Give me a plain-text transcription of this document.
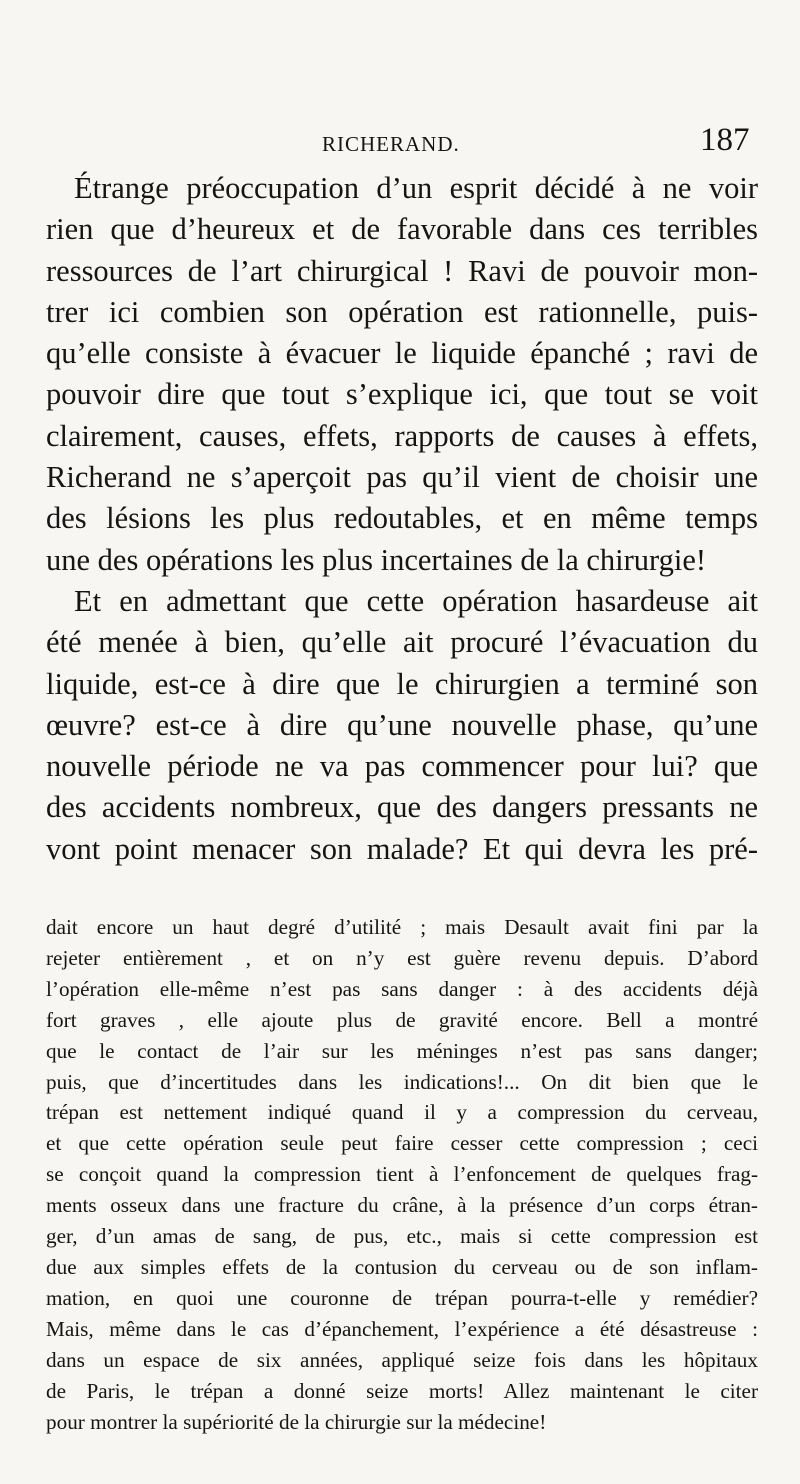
RICHERAND.	187
Étrange préoccupation d’un esprit décidé à ne voir
rien que d’heureux et de favorable dans ces terribles
ressources de l’art chirurgical ! Ravi de pouvoir mon-
trer ici combien son opération est rationnelle, puis-
qu’elle consiste à évacuer le liquide épanché ; ravi de
pouvoir dire que tout s’explique ici, que tout se voit
clairement, causes, effets, rapports de causes à effets,
Richerand ne s’aperçoit pas qu’il vient de choisir une
des lésions les plus redoutables, et en même temps
une des opérations les plus incertaines de la chirurgie!
Et en admettant que cette opération hasardeuse ait
été menée à bien, qu’elle ait procuré l’évacuation du
liquide, est-ce à dire que le chirurgien a terminé son
œuvre? est-ce à dire qu’une nouvelle phase, qu’une
nouvelle période ne va pas commencer pour lui? que
des accidents nombreux, que des dangers pressants ne
vont point menacer son malade? Et qui devra les pré-
dait encore un haut degré d’utilité ; mais Desault avait fini par la
rejeter entièrement , et on n’y est guère revenu depuis. D’abord
l’opération elle-même n’est pas sans danger : à des accidents déjà
fort graves , elle ajoute plus de gravité encore. Bell a montré
que le contact de l’air sur les méninges n’est pas sans danger;
puis, que d’incertitudes dans les indications!... On dit bien que le
trépan est nettement indiqué quand il y a compression du cerveau,
et que cette opération seule peut faire cesser cette compression ; ceci
se conçoit quand la compression tient à l’enfoncement de quelques frag-
ments osseux dans une fracture du crâne, à la présence d’un corps étran-
ger, d’un amas de sang, de pus, etc., mais si cette compression est
due aux simples effets de la contusion du cerveau ou de son inflam-
mation, en quoi une couronne de trépan pourra-t-elle y remédier?
Mais, même dans le cas d’épanchement, l’expérience a été désastreuse :
dans un espace de six années, appliqué seize fois dans les hôpitaux
de Paris, le trépan a donné seize morts! Allez maintenant le citer
pour montrer la supériorité de la chirurgie sur la médecine!
